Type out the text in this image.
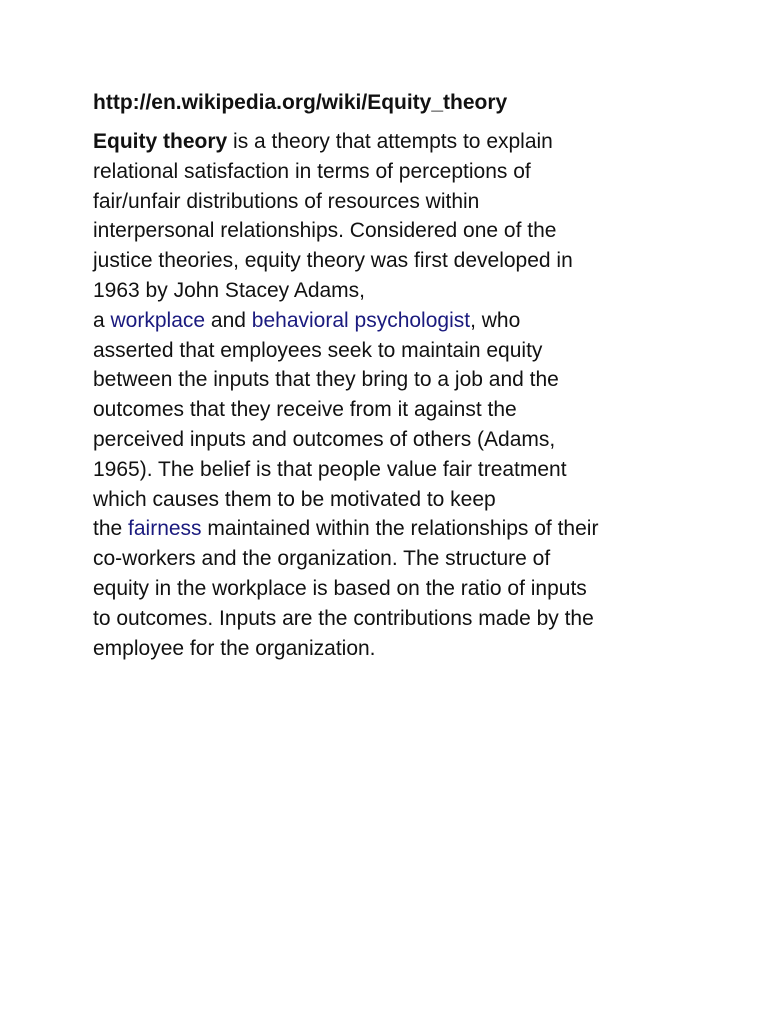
http://en.wikipedia.org/wiki/Equity_theory

Equity theory is a theory that attempts to explain
relational satisfaction in terms of perceptions of
fair/unfair distributions of resources within
interpersonal relationships. Considered one of the
justice theories, equity theory was first developed in
1963 by John Stacey Adams,
a workplace and behavioral psychologist, who
asserted that employees seek to maintain equity
between the inputs that they bring to a job and the
outcomes that they receive from it against the
perceived inputs and outcomes of others (Adams,
1965). The belief is that people value fair treatment
which causes them to be motivated to keep
the fairness maintained within the relationships of their
co-workers and the organization. The structure of
equity in the workplace is based on the ratio of inputs
to outcomes. Inputs are the contributions made by the
employee for the organization.
